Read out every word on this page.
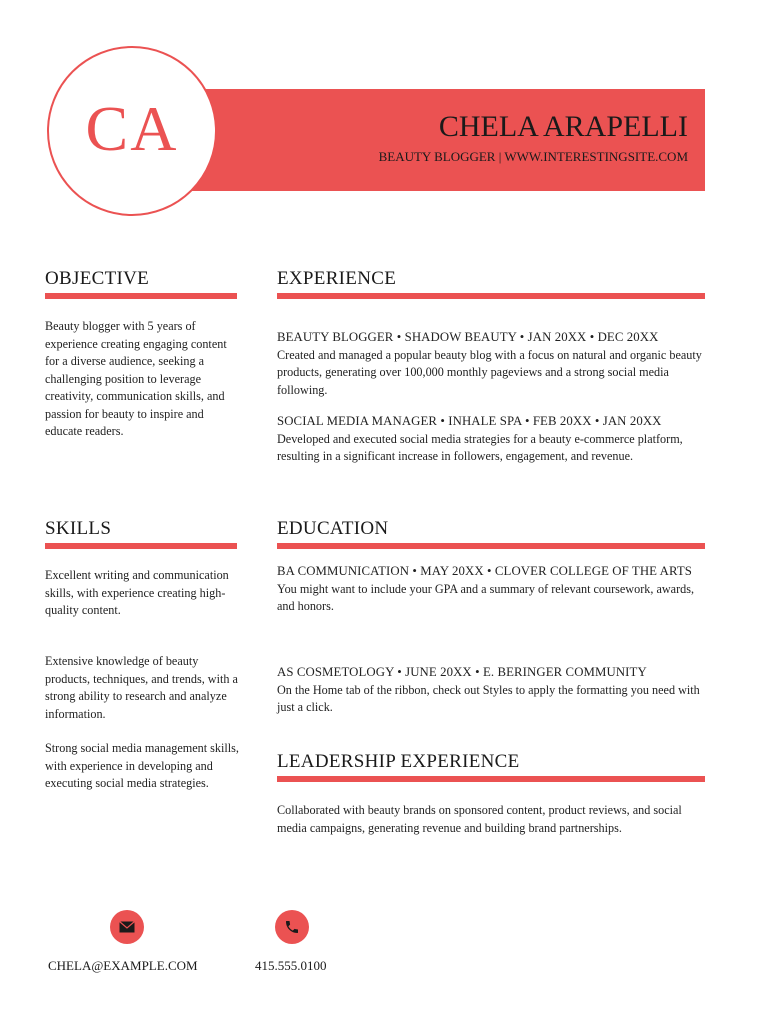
CA	CHELA ARAPELLI
BEAUTY BLOGGER | WWW.INTERESTINGSITE.COM
OBJECTIVE

Beauty blogger with 5 years of experience creating engaging content for a diverse audience, seeking a challenging position to leverage creativity, communication skills, and passion for beauty to inspire and educate readers.

SKILLS

Excellent writing and communication skills, with experience creating high-quality content.

Extensive knowledge of beauty products, techniques, and trends, with a strong ability to research and analyze information.

Strong social media management skills, with experience in developing and executing social media strategies.

EXPERIENCE

BEAUTY BLOGGER • SHADOW BEAUTY • JAN 20XX • DEC 20XX

Created and managed a popular beauty blog with a focus on natural and organic beauty products, generating over 100,000 monthly pageviews and a strong social media following.

SOCIAL MEDIA MANAGER • INHALE SPA • FEB 20XX • JAN 20XX

Developed and executed social media strategies for a beauty e-commerce platform, resulting in a significant increase in followers, engagement, and revenue.

EDUCATION

BA COMMUNICATION • MAY 20XX • CLOVER COLLEGE OF THE ARTS

You might want to include your GPA and a summary of relevant coursework, awards, and honors.

AS COSMETOLOGY • JUNE 20XX • E. BERINGER COMMUNITY

On the Home tab of the ribbon, check out Styles to apply the formatting you need with just a click.

LEADERSHIP EXPERIENCE

Collaborated with beauty brands on sponsored content, product reviews, and social media campaigns, generating revenue and building brand partnerships.

CHELA@EXAMPLE.COM	415.555.0100
